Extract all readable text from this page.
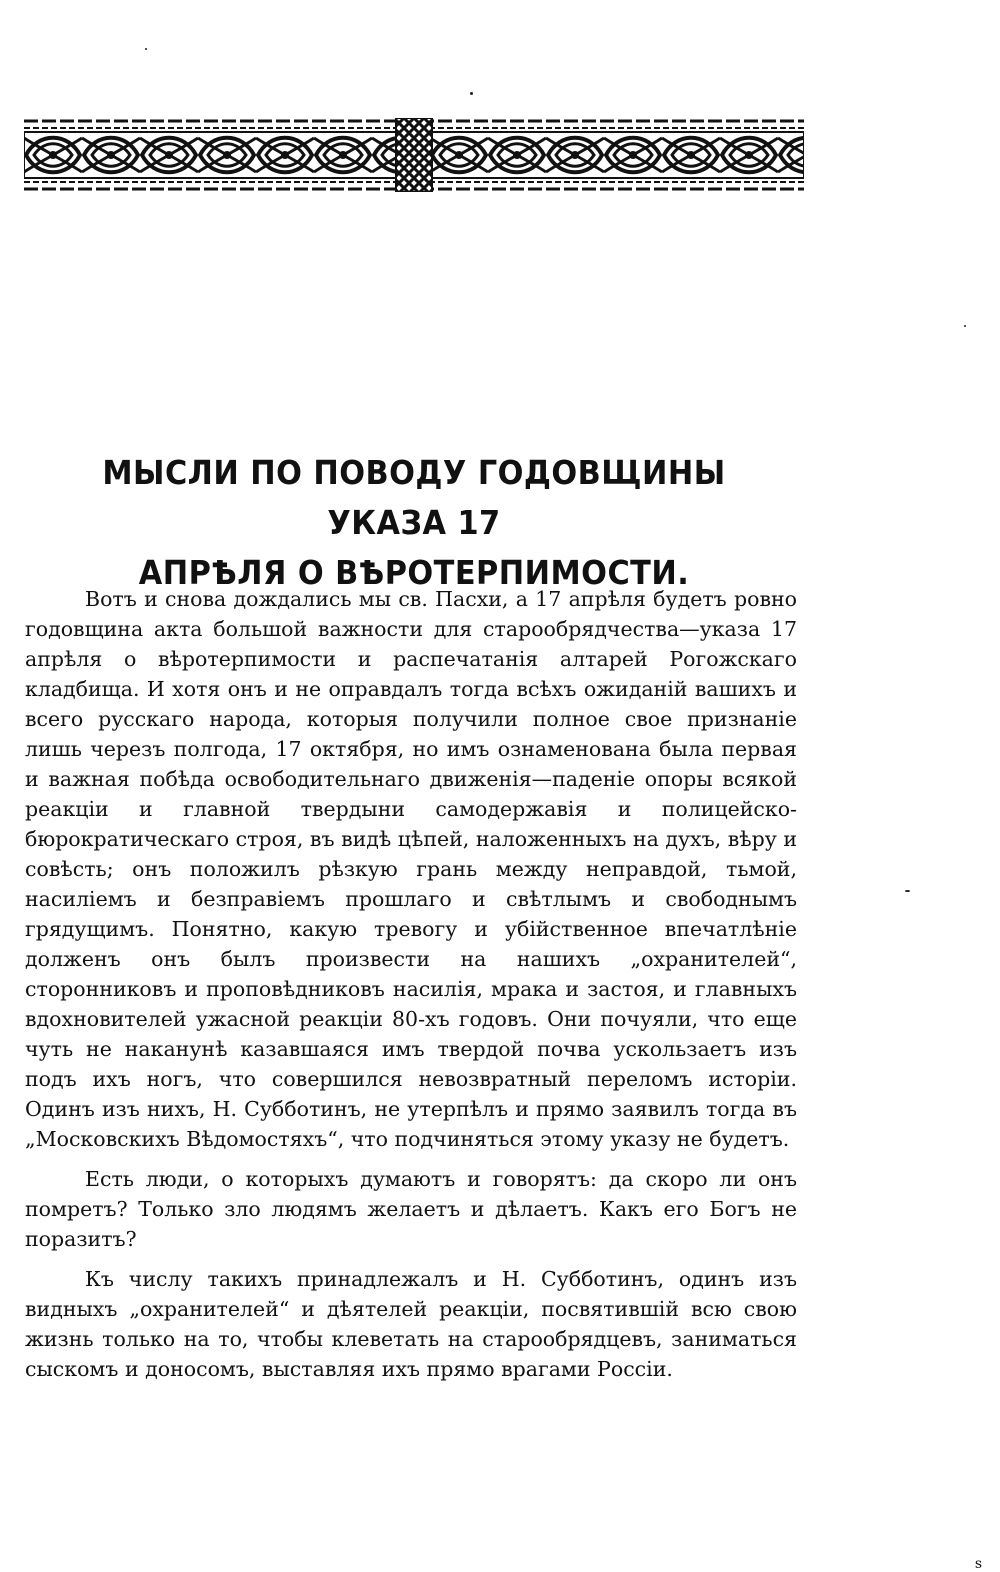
МЫСЛИ ПО ПОВОДУ ГОДОВЩИНЫ УКАЗА 17
АПРѢЛЯ О ВѢРОТЕРПИМОСТИ.

Вотъ и снова дождались мы св. Пасхи, а 17 апрѣля будетъ ровно годовщина акта большой важности для старообрядчества—указа 17 апрѣля о вѣротерпимости и распечатанія алтарей Рогожскаго кладбища. И хотя онъ и не оправдалъ тогда всѣхъ ожиданій вашихъ и всего русскаго народа, которыя получили полное свое признаніе лишь черезъ полгода, 17 октября, но имъ ознаменована была первая и важная побѣда освободительнаго движенія—паденіе опоры всякой реакціи и главной твердыни самодержавія и полицейско-бюрократическаго строя, въ видѣ цѣпей, наложенныхъ на духъ, вѣру и совѣсть; онъ положилъ рѣзкую грань между неправдой, тьмой, насиліемъ и безправіемъ прошлаго и свѣтлымъ и свободнымъ грядущимъ. Понятно, какую тревогу и убійственное впечатлѣніе долженъ онъ былъ произвести на нашихъ „охранителей“, сторонниковъ и проповѣдниковъ насилія, мрака и застоя, и главныхъ вдохновителей ужасной реакціи 80-хъ годовъ. Они почуяли, что еще чуть не наканунѣ казавшаяся имъ твердой почва ускользаетъ изъ подъ ихъ ногъ, что совершился невозвратный переломъ исторіи. Одинъ изъ нихъ, Н. Субботинъ, не утерпѣлъ и прямо заявилъ тогда въ „Московскихъ Вѣдомостяхъ“, что подчиняться этому указу не будетъ.

Есть люди, о которыхъ думаютъ и говорятъ: да скоро ли онъ помретъ? Только зло людямъ желаетъ и дѣлаетъ. Какъ его Богъ не поразитъ?

Къ числу такихъ принадлежалъ и Н. Субботинъ, одинъ изъ видныхъ „охранителей“ и дѣятелей реакціи, посвятившій всю свою жизнь только на то, чтобы клеветать на старообрядцевъ, заниматься сыскомъ и доносомъ, выставляя ихъ прямо врагами Россіи.

ѕ
